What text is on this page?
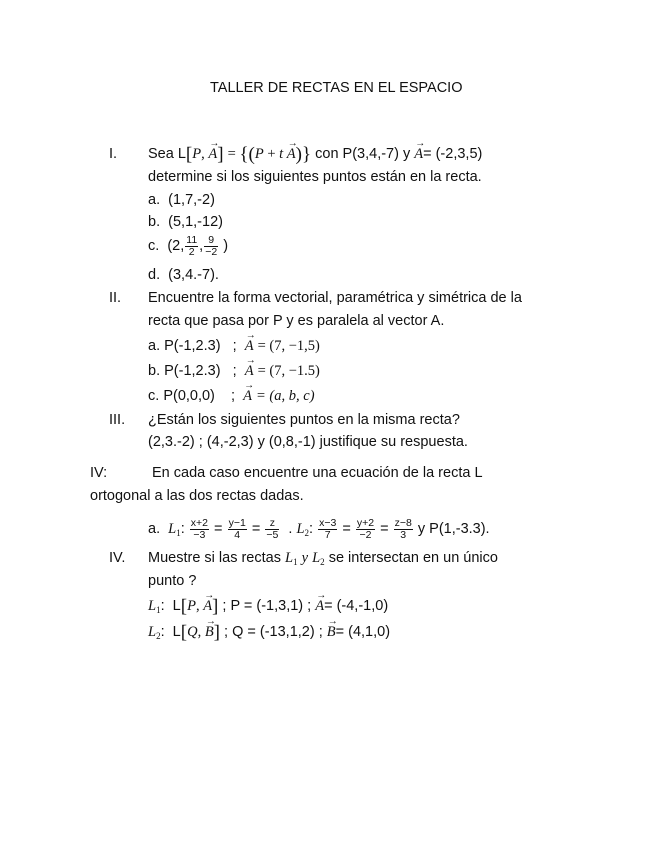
TALLER DE RECTAS EN EL ESPACIO
I. Sea L[P, → A] = {(P + t → A)} con P(3,4,-7) y → A= (-2,3,5)
determine si los siguientes puntos están en la recta.
a. (1,7,-2)
b. (5,1,-12)
c. (2, $\frac{11}{2}$ , $\frac{9}{-2}$ )
d. (3,4.-7).
II. Encuentre la forma vectorial, paramétrica y simétrica de la
recta que pasa por P y es paralela al vector A.
a. P(-1,2.3) ; → A = (7, −1,5)
b. P(-1,2.3) ; → A = (7, −1.5)
c. P(0,0,0) ; → A = (a, b, c)
III. ¿Están los siguientes puntos en la misma recta?
(2,3.-2) ; (4,-2,3) y (0,8,-1) justifique su respuesta.
IV:	En cada caso encuentre una ecuación de la recta L
ortogonal a las dos rectas dadas.
a. $L_1$: $\frac{x+2}{-3} = \frac{y-1}{4} = \frac{z}{-5}$ . $L_2$: $\frac{x-3}{7} = \frac{y+2}{-2} = \frac{z-8}{3}$ y P(1,-3.3).
IV. Muestre si las rectas $L_1$ y $L_2$ se intersectan en un único
punto ?
$L_1$: L[P, → A] ; P = (-1,3,1) ; → A= (-4,-1,0)
$L_2$: L[Q, → B] ; Q = (-13,1,2) ; → B= (4,1,0)
